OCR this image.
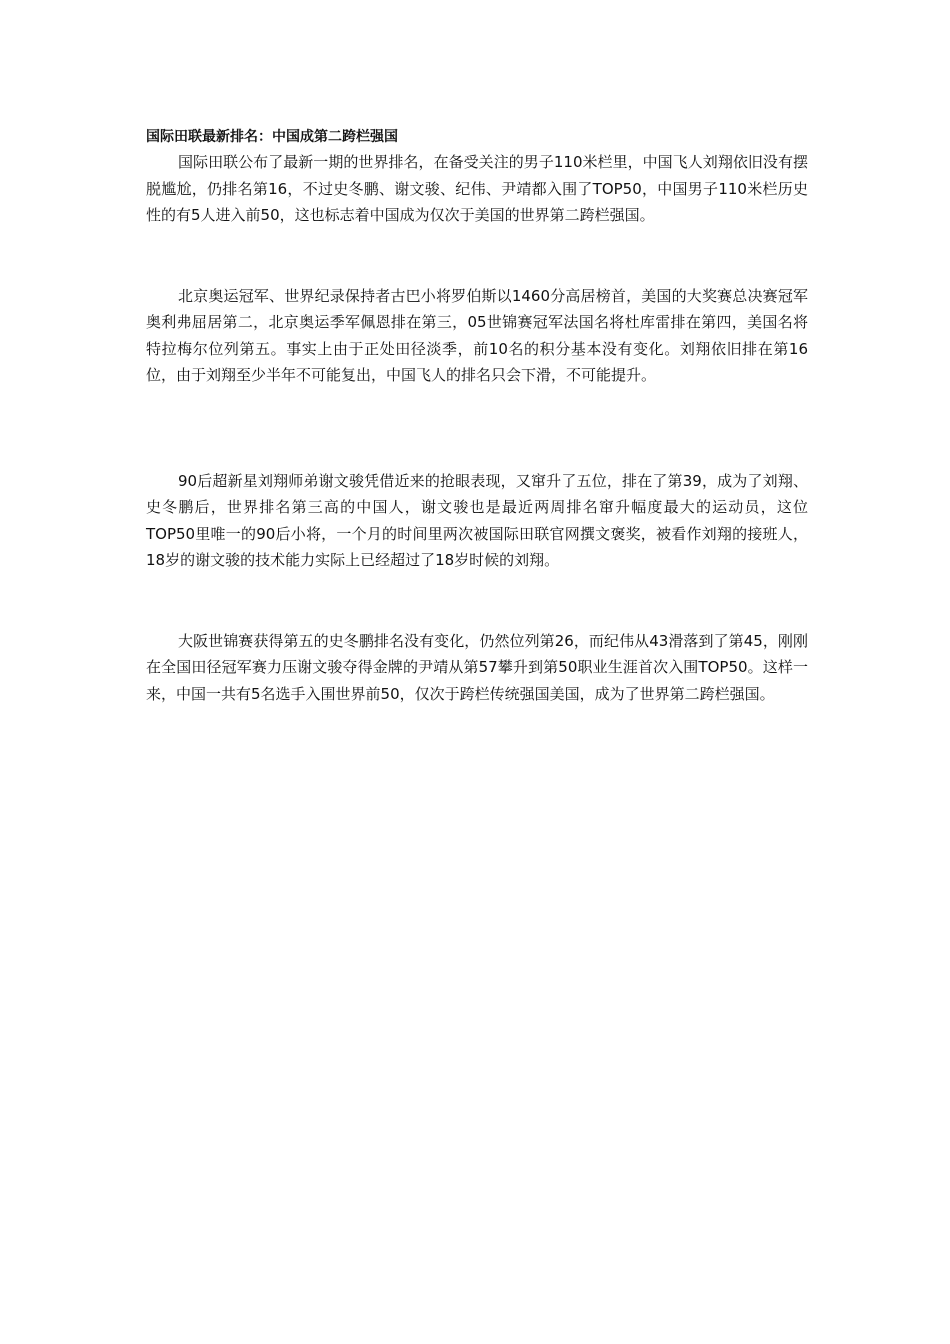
国际田联最新排名：中国成第二跨栏强国

国际田联公布了最新一期的世界排名，在备受关注的男子110米栏里，中国飞人刘翔依旧没有摆脱尴尬，仍排名第16，不过史冬鹏、谢文骏、纪伟、尹靖都入围了TOP50，中国男子110米栏历史性的有5人进入前50，这也标志着中国成为仅次于美国的世界第二跨栏强国。

北京奥运冠军、世界纪录保持者古巴小将罗伯斯以1460分高居榜首，美国的大奖赛总决赛冠军奥利弗屈居第二，北京奥运季军佩恩排在第三，05世锦赛冠军法国名将杜库雷排在第四，美国名将特拉梅尔位列第五。事实上由于正处田径淡季，前10名的积分基本没有变化。刘翔依旧排在第16位，由于刘翔至少半年不可能复出，中国飞人的排名只会下滑，不可能提升。

90后超新星刘翔师弟谢文骏凭借近来的抢眼表现，又窜升了五位，排在了第39，成为了刘翔、史冬鹏后，世界排名第三高的中国人，谢文骏也是最近两周排名窜升幅度最大的运动员，这位TOP50里唯一的90后小将，一个月的时间里两次被国际田联官网撰文褒奖，被看作刘翔的接班人，18岁的谢文骏的技术能力实际上已经超过了18岁时候的刘翔。

大阪世锦赛获得第五的史冬鹏排名没有变化，仍然位列第26，而纪伟从43滑落到了第45，刚刚在全国田径冠军赛力压谢文骏夺得金牌的尹靖从第57攀升到第50职业生涯首次入围TOP50。这样一来，中国一共有5名选手入围世界前50，仅次于跨栏传统强国美国，成为了世界第二跨栏强国。
